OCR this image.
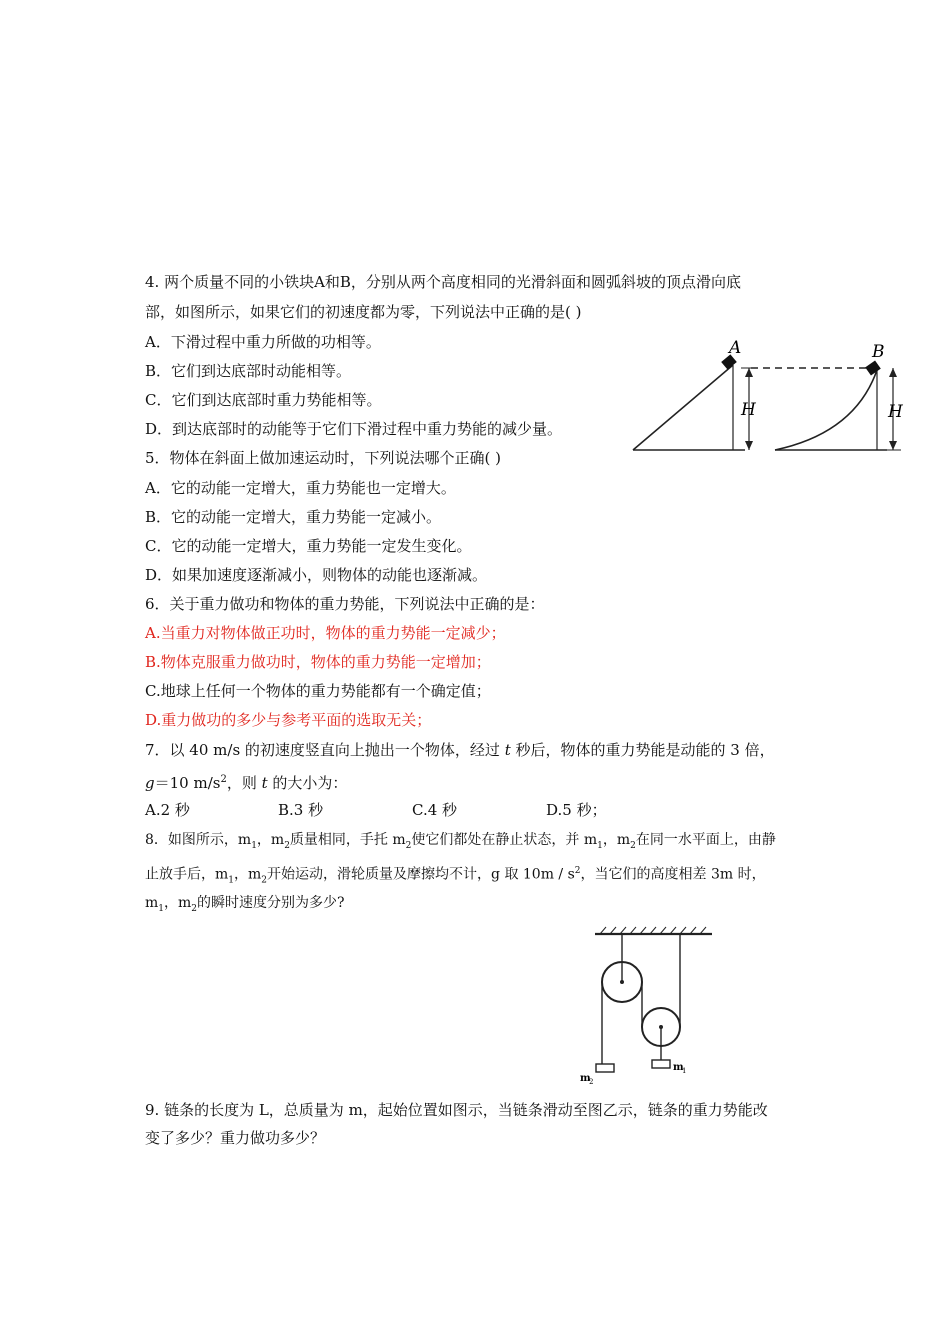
4. 两个质量不同的小铁块A和B，分别从两个高度相同的光滑斜面和圆弧斜坡的顶点滑向底
部，如图所示，如果它们的初速度都为零，下列说法中正确的是( )
A．下滑过程中重力所做的功相等。
B．它们到达底部时动能相等。
C．它们到达底部时重力势能相等。
D．到达底部时的动能等于它们下滑过程中重力势能的减少量。
A
H
B
H
5．物体在斜面上做加速运动时，下列说法哪个正确( )
A．它的动能一定增大，重力势能也一定增大。
B．它的动能一定增大，重力势能一定减小。
C．它的动能一定增大，重力势能一定发生变化。
D．如果加速度逐渐减小，则物体的动能也逐渐减。
6．关于重力做功和物体的重力势能，下列说法中正确的是：
A.当重力对物体做正功时，物体的重力势能一定减少；
B.物体克服重力做功时，物体的重力势能一定增加；
C.地球上任何一个物体的重力势能都有一个确定值；
D.重力做功的多少与参考平面的选取无关；
7．以 40 m/s 的初速度竖直向上抛出一个物体，经过 t 秒后，物体的重力势能是动能的 3 倍，
g＝10 $m/s^2$，则 t 的大小为：
A.2 秒	B.3 秒	C.4 秒	D.5 秒；
8．如图所示，$m_1$，$m_2$质量相同，手托 $m_2$使它们都处在静止状态，并 $m_1$，$m_2$在同一水平面上，由静
止放手后，$m_1$，$m_2$开始运动，滑轮质量及摩擦均不计，g 取 $10m / s^2$，当它们的高度相差 3m 时，
$m_1$，$m_2$的瞬时速度分别为多少?
m
2
m
1
9. 链条的长度为 L，总质量为 m，起始位置如图示，当链条滑动至图乙示，链条的重力势能改
变了多少？重力做功多少？
